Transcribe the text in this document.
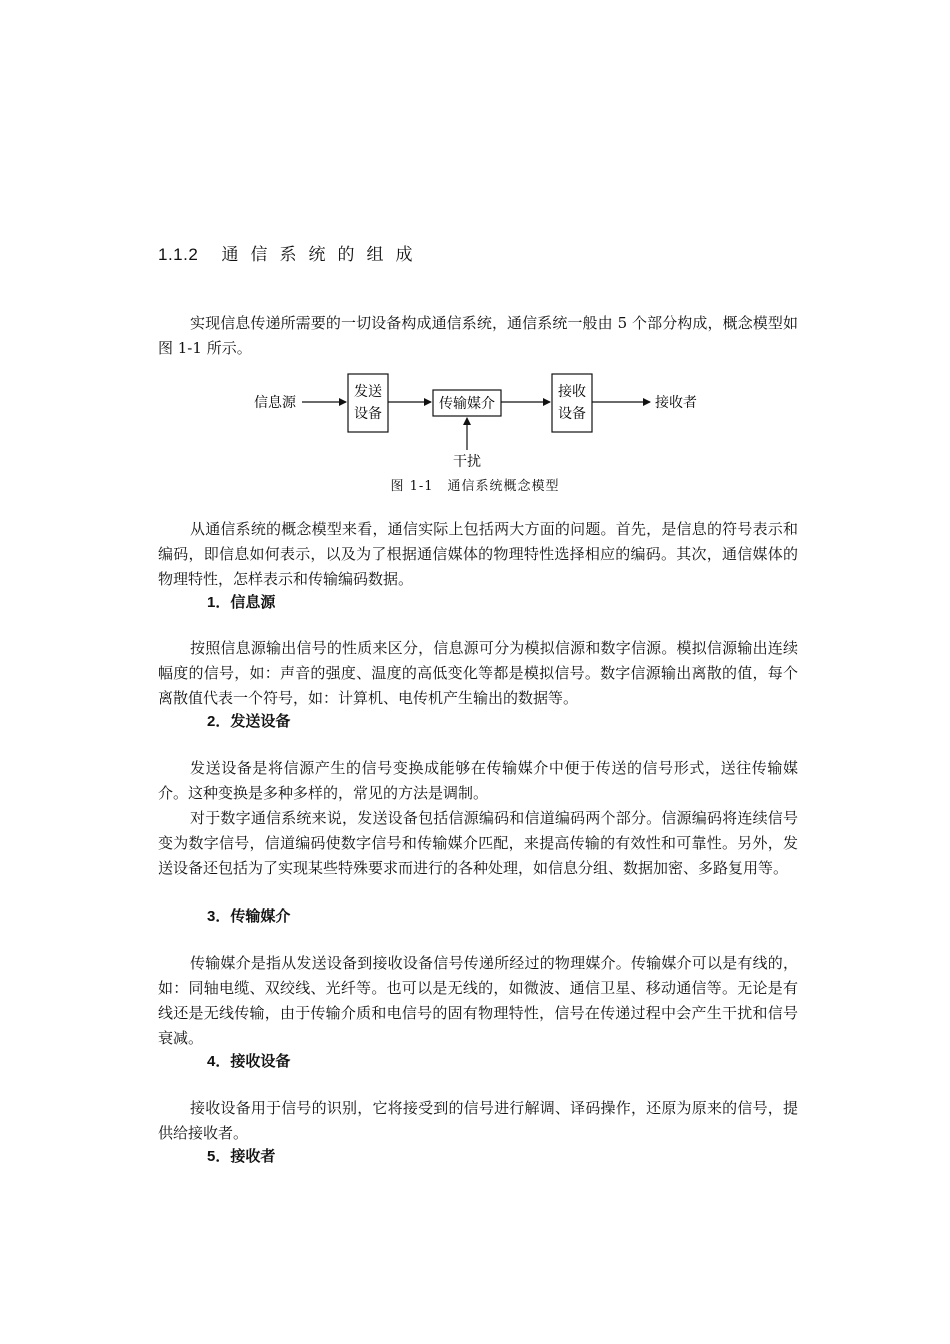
1.1.2 通信系统的组成

实现信息传递所需要的一切设备构成通信系统，通信系统一般由 5 个部分构成，概念模型如图 1-1 所示。

信息源
发送
设备
传输媒介
接收
设备
接收者
干扰
图 1-1　通信系统概念模型

从通信系统的概念模型来看，通信实际上包括两大方面的问题。首先，是信息的符号表示和编码，即信息如何表示，以及为了根据通信媒体的物理特性选择相应的编码。其次，通信媒体的物理特性，怎样表示和传输编码数据。

1．信息源

按照信息源输出信号的性质来区分，信息源可分为模拟信源和数字信源。模拟信源输出连续幅度的信号，如：声音的强度、温度的高低变化等都是模拟信号。数字信源输出离散的值，每个离散值代表一个符号，如：计算机、电传机产生输出的数据等。

2．发送设备

发送设备是将信源产生的信号变换成能够在传输媒介中便于传送的信号形式，送往传输媒介。这种变换是多种多样的，常见的方法是调制。

对于数字通信系统来说，发送设备包括信源编码和信道编码两个部分。信源编码将连续信号变为数字信号，信道编码使数字信号和传输媒介匹配，来提高传输的有效性和可靠性。另外，发送设备还包括为了实现某些特殊要求而进行的各种处理，如信息分组、数据加密、多路复用等。

3．传输媒介

传输媒介是指从发送设备到接收设备信号传递所经过的物理媒介。传输媒介可以是有线的，如：同轴电缆、双绞线、光纤等。也可以是无线的，如微波、通信卫星、移动通信等。无论是有线还是无线传输，由于传输介质和电信号的固有物理特性，信号在传递过程中会产生干扰和信号衰减。

4．接收设备

接收设备用于信号的识别，它将接受到的信号进行解调、译码操作，还原为原来的信号，提供给接收者。

5．接收者
